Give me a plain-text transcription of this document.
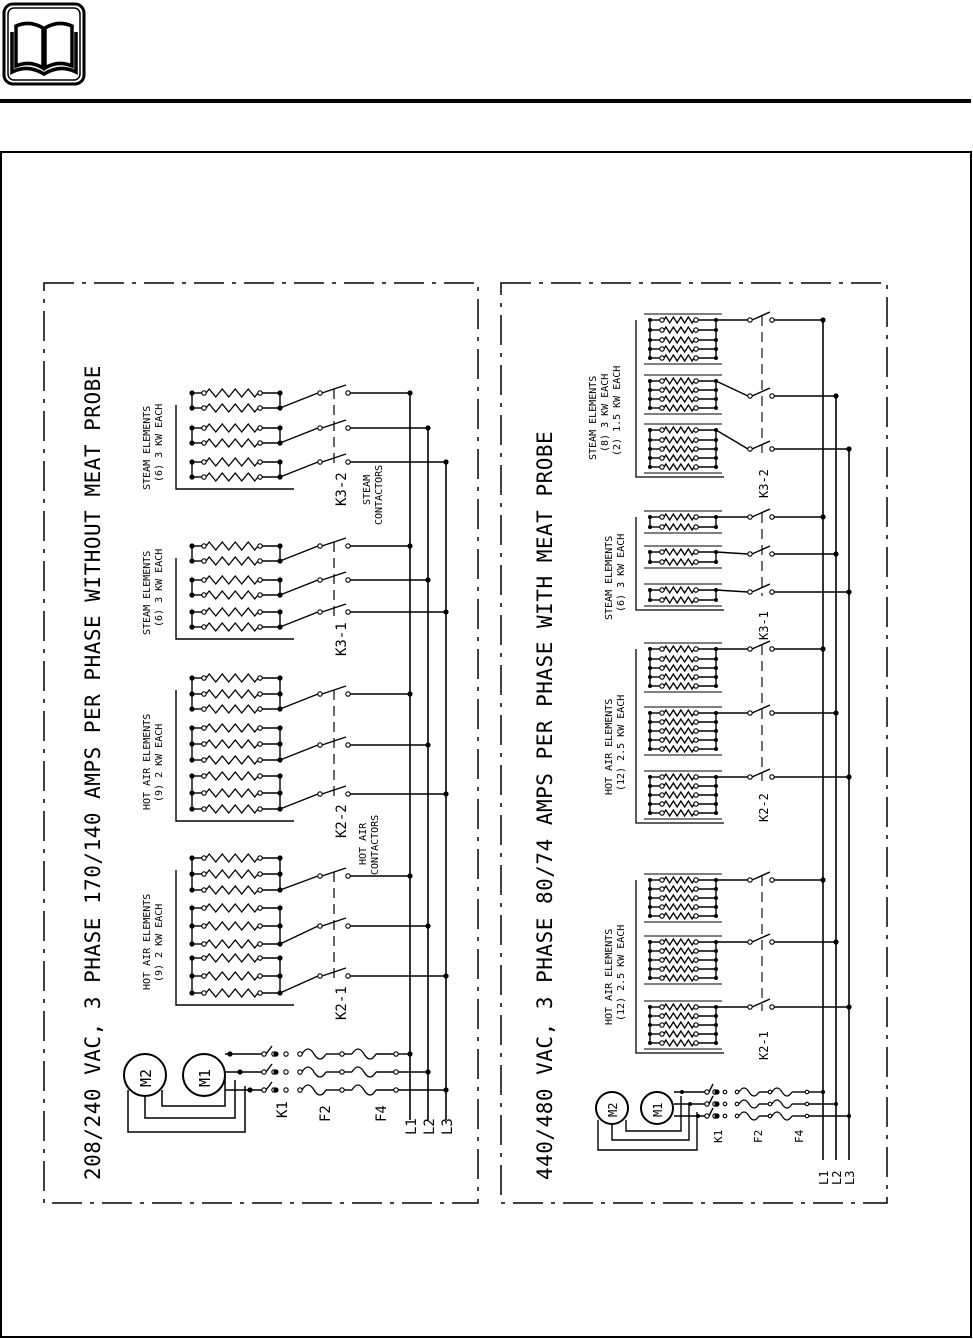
208/240 VAC, 3 PHASE 170/140 AMPS PER PHASE WITHOUT MEAT PROBE	STEAM ELEMENTS (6) 3 KW EACH
STEAM ELEMENTS (6) 3 KW EACH
HOT AIR ELEMENTS (9) 2 KW EACH
HOT AIR ELEMENTS (9) 2 KW EACH
STEAM CONTACTORS
HOT AIR CONTACTORS
K3-2
K3-1
K2-2
K2-1
M2	M1
K1 F2	F4
L1 L2 L3	440/480 VAC, 3 PHASE 80/74 AMPS PER PHASE WITH MEAT PROBE
STEAM ELEMENTS (8) 3 KW EACH (2) 1.5 KW EACH
STEAM ELEMENTS (6) 3 KW EACH
HOT AIR ELEMENTS (12) 2.5 KW EACH
HOT AIR ELEMENTS (12) 2.5 KW EACH
K3-2
K3-1
K2-2
K2-1
M2	M1
K1 F2	F4
L1 L2 L3
